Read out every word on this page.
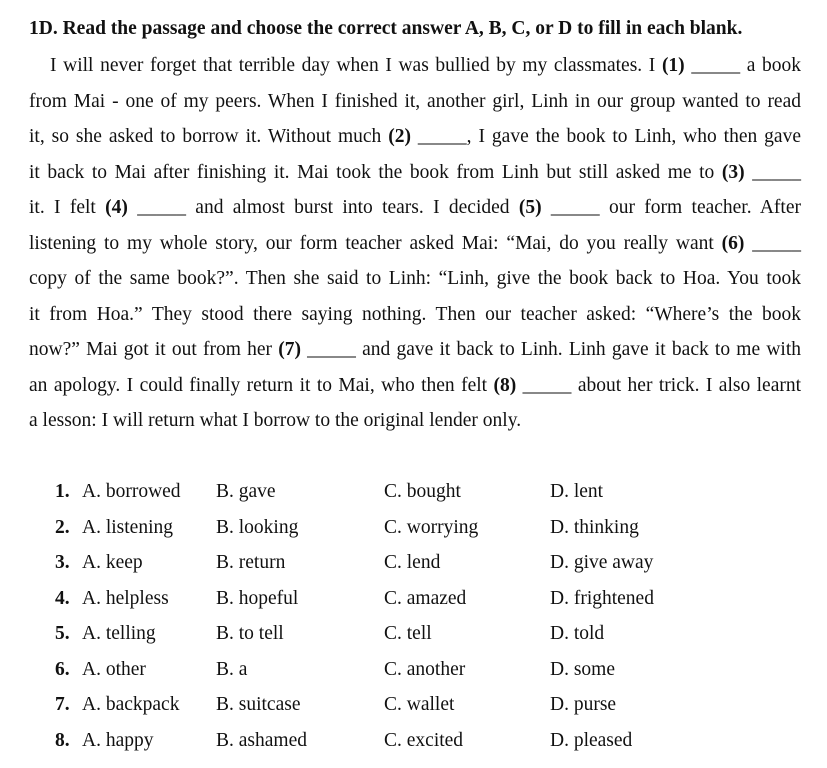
1D. Read the passage and choose the correct answer A, B, C, or D to fill in each blank.
I will never forget that terrible day when I was bullied by my classmates. I (1) _____ a book
from Mai - one of my peers. When I finished it, another girl, Linh in our group wanted to read
it, so she asked to borrow it. Without much (2) _____, I gave the book to Linh, who then gave
it back to Mai after finishing it. Mai took the book from Linh but still asked me to (3) _____
it. I felt (4) _____ and almost burst into tears. I decided (5) _____ our form teacher. After
listening to my whole story, our form teacher asked Mai: “Mai, do you really want (6) _____
copy of the same book?”. Then she said to Linh: “Linh, give the book back to Hoa. You took
it from Hoa.” They stood there saying nothing. Then our teacher asked: “Where’s the book
now?” Mai got it out from her (7) _____ and gave it back to Linh. Linh gave it back to me with
an apology. I could finally return it to Mai, who then felt (8) _____ about her trick. I also learnt
a lesson: I will return what I borrow to the original lender only.
1. A. borrowed B. gave	C. bought	D. lent
2. A. listening B. looking	C. worrying	D. thinking
3. A. keep	B. return	C. lend	D. give away
4. A. helpless B. hopeful	C. amazed	D. frightened
5. A. telling	B. to tell	C. tell	D. told
6. A. other	B. a	C. another	D. some
7. A. backpack B. suitcase	C. wallet	D. purse
8. A. happy	B. ashamed	C. excited	D. pleased
